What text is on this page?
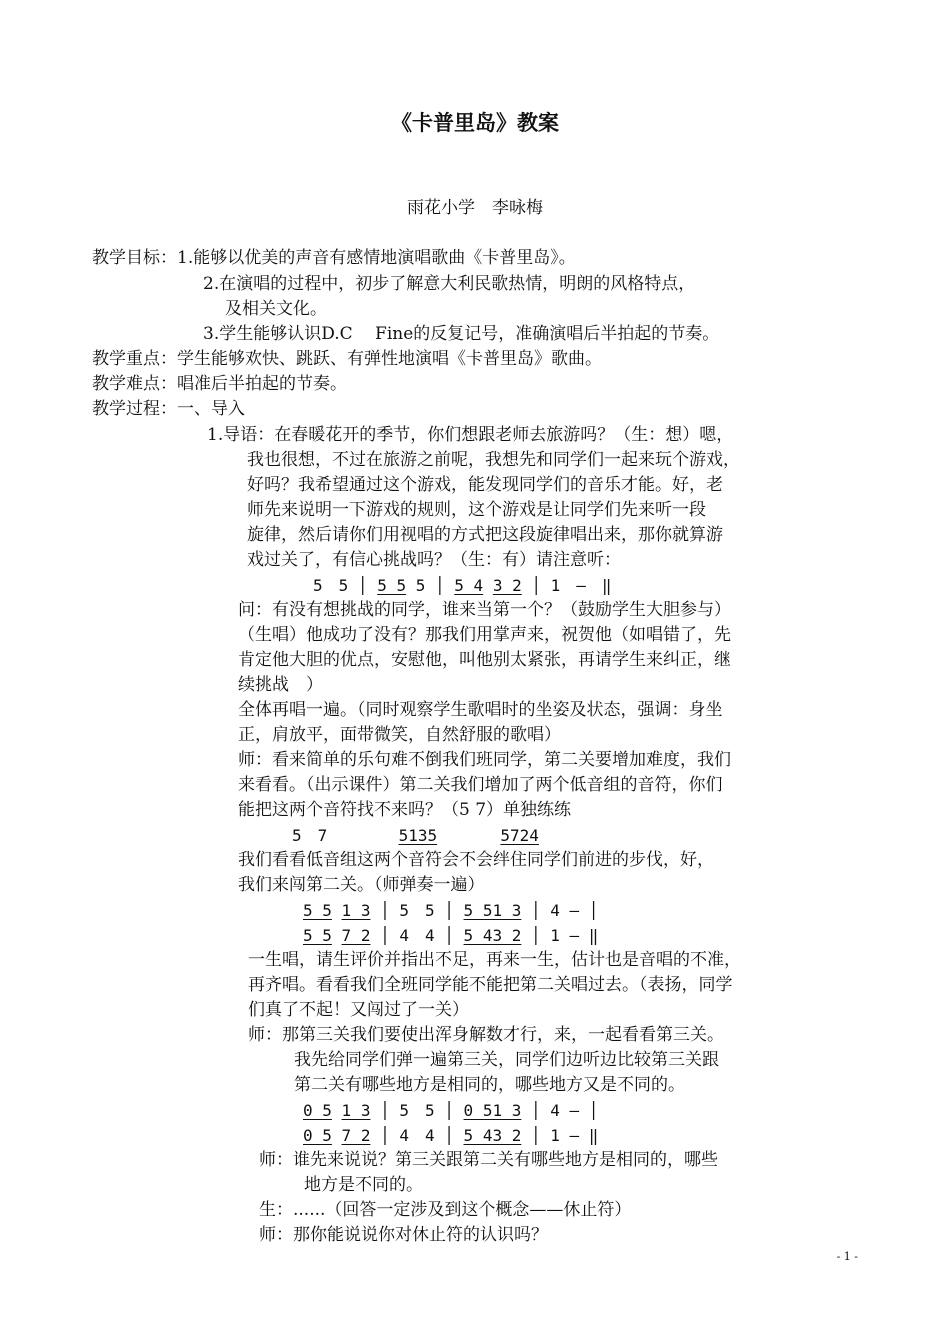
《卡普里岛》教案
雨花小学　李咏梅
教学目标：1.能够以优美的声音有感情地演唱歌曲《卡普里岛》。
2.在演唱的过程中，初步了解意大利民歌热情，明朗的风格特点，
及相关文化。
3.学生能够认识D.C　 Fine的反复记号，准确演唱后半拍起的节奏。
教学重点：学生能够欢快、跳跃、有弹性地演唱《卡普里岛》歌曲。
教学难点：唱准后半拍起的节奏。
教学过程：一、导入
1.导语：在春暖花开的季节，你们想跟老师去旅游吗？（生：想）嗯，
我也很想，不过在旅游之前呢，我想先和同学们一起来玩个游戏，
好吗？我希望通过这个游戏，能发现同学们的音乐才能。好，老
师先来说明一下游戏的规则，这个游戏是让同学们先来听一段
旋律，然后请你们用视唱的方式把这段旋律唱出来，那你就算游
戏过关了，有信心挑战吗？（生：有）请注意听：
5　5 │ 5 5 5 │ 5 4 3 2 │ 1　—　‖
问：有没有想挑战的同学，谁来当第一个？（鼓励学生大胆参与）
（生唱）他成功了没有？那我们用掌声来，祝贺他（如唱错了，先
肯定他大胆的优点，安慰他，叫他别太紧张，再请学生来纠正，继
续挑战　）
全体再唱一遍。（同时观察学生歌唱时的坐姿及状态，强调：身坐
正，肩放平，面带微笑，自然舒服的歌唱）
师：看来简单的乐句难不倒我们班同学，第二关要增加难度，我们
来看看。（出示课件）第二关我们增加了两个低音组的音符，你们
能把这两个音符找不来吗？（5 7）单独练练
5　7	5135	5724
我们看看低音组这两个音符会不会绊住同学们前进的步伐，好，
我们来闯第二关。（师弹奏一遍）
5 5 1 3 │ 5　5 │ 5 51 3 │ 4 — │
5 5 7 2 │ 4　4 │ 5 43 2 │ 1 — ‖
一生唱，请生评价并指出不足，再来一生，估计也是音唱的不准，
再齐唱。看看我们全班同学能不能把第二关唱过去。（表扬，同学
们真了不起！又闯过了一关）
师：那第三关我们要使出浑身解数才行，来，一起看看第三关。
我先给同学们弹一遍第三关，同学们边听边比较第三关跟
第二关有哪些地方是相同的，哪些地方又是不同的。
0 5 1 3 │ 5　5 │ 0 51 3 │ 4 — │
0 5 7 2 │ 4　4 │ 5 43 2 │ 1 — ‖
师：谁先来说说？第三关跟第二关有哪些地方是相同的，哪些
地方是不同的。
生：......（回答一定涉及到这个概念——休止符）
师：那你能说说你对休止符的认识吗？
- 1 -
